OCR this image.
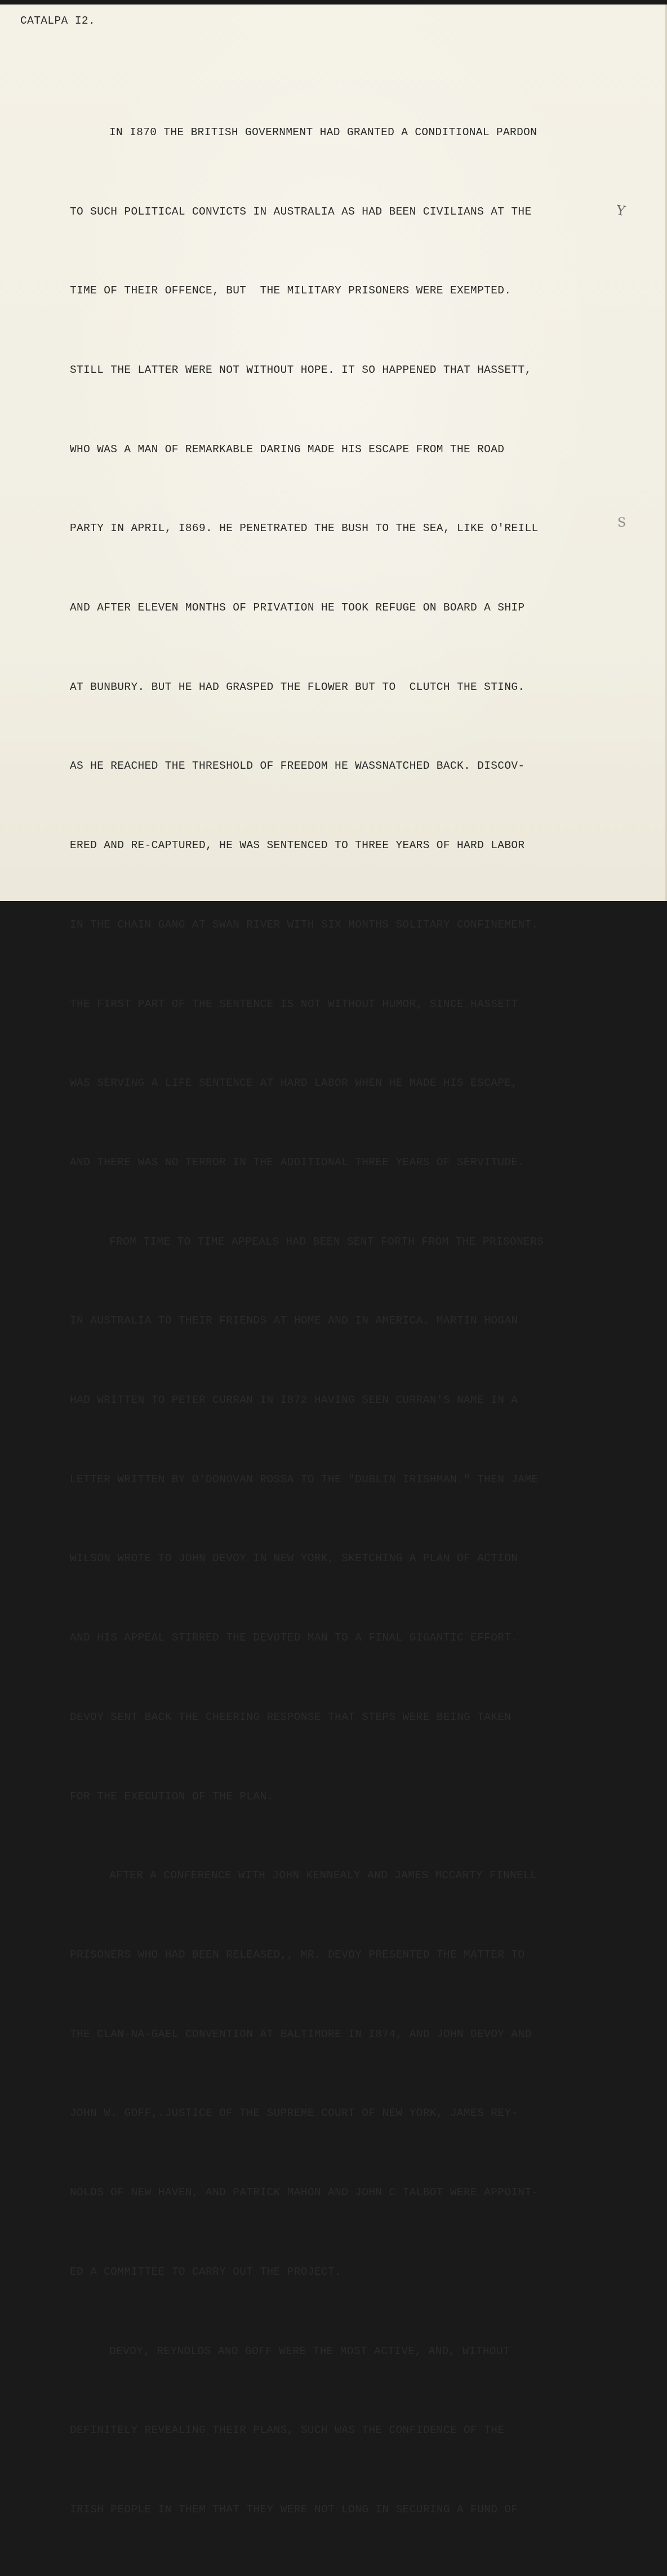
CATALPA I2.

IN I870 THE BRITISH GOVERNMENT HAD GRANTED A CONDITIONAL PARDON

TO SUCH POLITICAL CONVICTS IN AUSTRALIA AS HAD BEEN CIVILIANS AT THE

TIME OF THEIR OFFENCE, BUT  THE MILITARY PRISONERS WERE EXEMPTED.

STILL THE LATTER WERE NOT WITHOUT HOPE. IT SO HAPPENED THAT HASSETT,

WHO WAS A MAN OF REMARKABLE DARING MADE HIS ESCAPE FROM THE ROAD

PARTY IN APRIL, I869. HE PENETRATED THE BUSH TO THE SEA, LIKE O'REILL

AND AFTER ELEVEN MONTHS OF PRIVATION HE TOOK REFUGE ON BOARD A SHIP

AT BUNBURY. BUT HE HAD GRASPED THE FLOWER BUT TO  CLUTCH THE STING.

AS HE REACHED THE THRESHOLD OF FREEDOM HE WASSNATCHED BACK. DISCOV-

ERED AND RE-CAPTURED, HE WAS SENTENCED TO THREE YEARS OF HARD LABOR

IN THE CHAIN GANG AT SWAN RIVER WITH SIX MONTHS SOLITARY CONFINEMENT.

THE FIRST PART OF THE SENTENCE IS NOT WITHOUT HUMOR, SINCE HASSETT

WAS SERVING A LIFE SENTENCE AT HARD LABOR WHEN HE MADE HIS ESCAPE,

AND THERE WAS NO TERROR IN THE ADDITIONAL THREE YEARS OF SERVITUDE.

FROM TIME TO TIME APPEALS HAD BEEN SENT FORTH FROM THE PRISONERS

IN AUSTRALIA TO THEIR FRIENDS AT HOME AND IN AMERICA. MARTIN HOGAN

HAD WRITTEN TO PETER CURRAN IN I872 HAVING SEEN CURRAN'S NAME IN A

LETTER WRITTEN BY O'DONOVAN ROSSA TO THE "DUBLIN IRISHMAN." THEN JAME

WILSON WROTE TO JOHN DEVOY IN NEW YORK, SKETCHING A PLAN OF ACTION

AND HIS APPEAL STIRRED THE DEVOTED MAN TO A FINAL GIGANTIC EFFORT.

DEVOY SENT BACK THE CHEERING RESPONSE THAT STEPS WERE BEING TAKEN

FOR THE EXECUTION OF THE PLAN.

AFTER A CONFERENCE WITH JOHN KENNEALY AND JAMES MCCARTY FINNELL

PRISONERS WHO HAD BEEN RELEASED,, MR. DEVOY PRESENTED THE MATTER TO

THE CLAN-NA-GAEL CONVENTION AT BALTIMORE IN I874, AND JOHN DEVOY AND

JOHN W. GOFF,.JUSTICE OF THE SUPREME COURT OF NEW YORK, JAMES REY-

NOLDS OF NEW HAVEN, AND PATRICK MAHON AND JOHN C TALBOT WERE APPOINT-

ED A COMMITTEE TO CARRY OUT THE PROJECT.

DEVOY, REYNOLDS AND GOFF WERE THE MOST ACTIVE, AND, WITHOUT

DEFINITELY REVEALING THEIR PLANS, SUCH WAS THE CONFIDENCE OF THE

IRISH PEOPLE IN THEM THAT THEY WERE NOT LONG IN SECURING A FUND OF

Y
S
